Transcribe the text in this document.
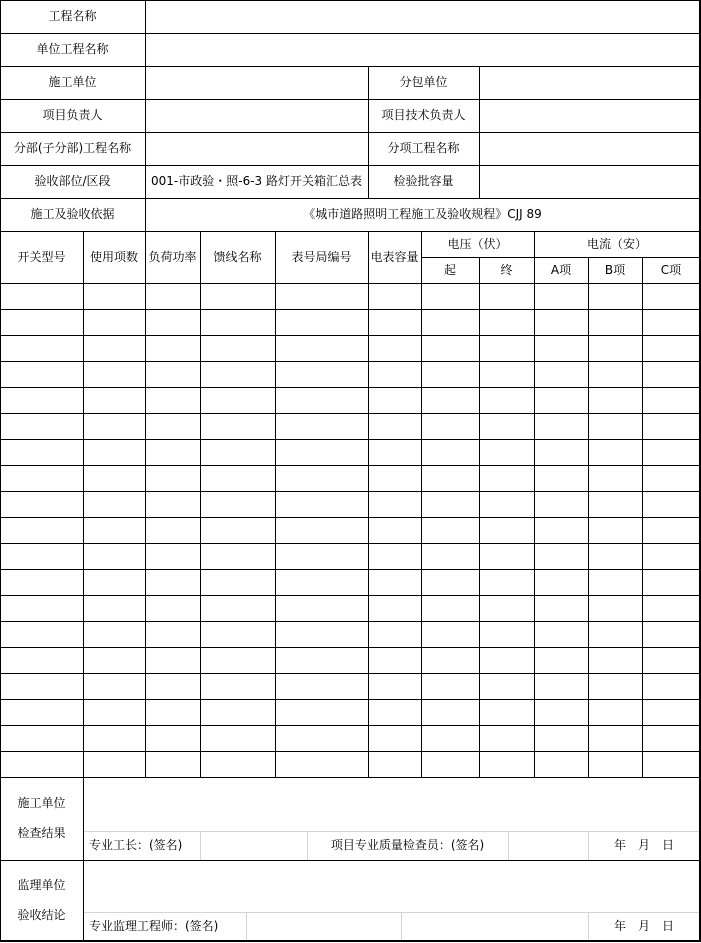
工程名称
单位工程名称
施工单位	分包单位
项目负责人	项目技术负责人
分部(子分部)工程名称	分项工程名称
验收部位/区段	001-市政验・照-6-3 路灯开关箱汇总表	检验批容量
施工及验收依据	《城市道路照明工程施工及验收规程》CJJ 89
开关型号	使用项数 负荷功率	馈线名称	表号局编号	电表容量
电压（伏）	电流（安）
起	终	A项	B项	C项
施工单位

检查结果
专业工长：(签名)	项目专业质量检查员：(签名)	年　月　日
监理单位

验收结论
专业监理工程师：(签名)	年　月　日
